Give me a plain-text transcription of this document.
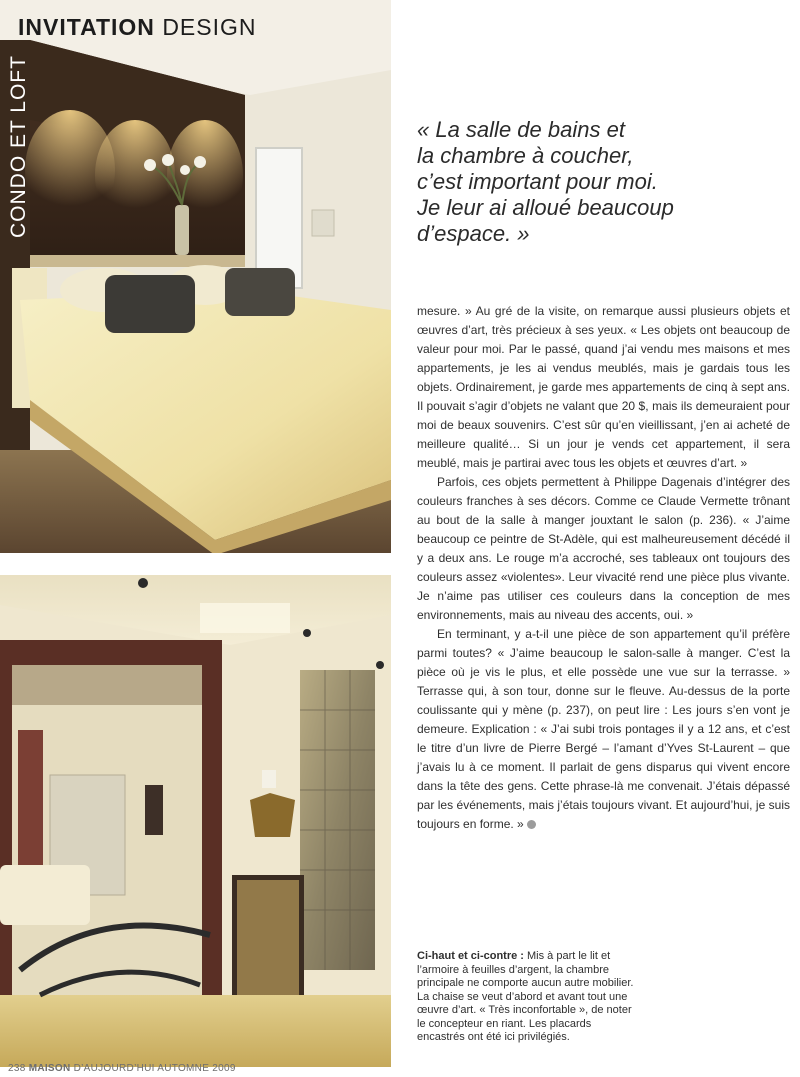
INVITATION DESIGN
CONDO ET LOFT	« La salle de bains et
la chambre à coucher,
c’est important pour moi.
Je leur ai alloué beaucoup
d’espace. »

mesure. » Au gré de la visite, on remarque aussi plusieurs objets et œuvres d’art, très précieux à ses yeux. « Les objets ont beaucoup de valeur pour moi. Par le passé, quand j’ai vendu mes maisons et mes appartements, je les ai vendus meublés, mais je gardais tous les objets. Ordinairement, je garde mes appartements de cinq à sept ans. Il pouvait s’agir d’objets ne valant que 20 $, mais ils demeuraient pour moi de beaux souvenirs. C’est sûr qu’en vieillissant, j’en ai acheté de meilleure qualité… Si un jour je vends cet appartement, il sera meublé, mais je partirai avec tous les objets et œuvres d’art. »

Parfois, ces objets permettent à Philippe Dagenais d’intégrer des couleurs franches à ses décors. Comme ce Claude Vermette trônant au bout de la salle à manger jouxtant le salon (p. 236). « J’aime beaucoup ce peintre de St-Adèle, qui est malheureusement décédé il y a deux ans. Le rouge m’a accroché, ses tableaux ont toujours des couleurs assez «violentes». Leur vivacité rend une pièce plus vivante. Je n’aime pas utiliser ces couleurs dans la conception de mes environnements, mais au niveau des accents, oui. »

En terminant, y a-t-il une pièce de son appartement qu’il préfère parmi toutes? « J’aime beaucoup le salon-salle à manger. C’est la pièce où je vis le plus, et elle possède une vue sur la terrasse. » Terrasse qui, à son tour, donne sur le fleuve. Au-dessus de la porte coulissante qui y mène (p. 237), on peut lire : Les jours s’en vont je demeure. Explication : « J’ai subi trois pontages il y a 12 ans, et c’est le titre d’un livre de Pierre Bergé – l’amant d’Yves St-Laurent – que j’avais lu à ce moment. Il parlait de gens disparus qui vivent encore dans la tête des gens. Cette phrase-là me convenait. J’étais dépassé par les événements, mais j’étais toujours vivant. Et aujourd’hui, je suis toujours en forme. »

Ci-haut et ci-contre : Mis à part le lit et l’armoire à feuilles d’argent, la chambre principale ne comporte aucun autre mobilier. La chaise se veut d’abord et avant tout une œuvre d’art. « Très inconfortable », de noter le concepteur en riant. Les placards encastrés ont été ici privilégiés.
238 MAISON D’AUJOURD’HUI AUTOMNE 2009
